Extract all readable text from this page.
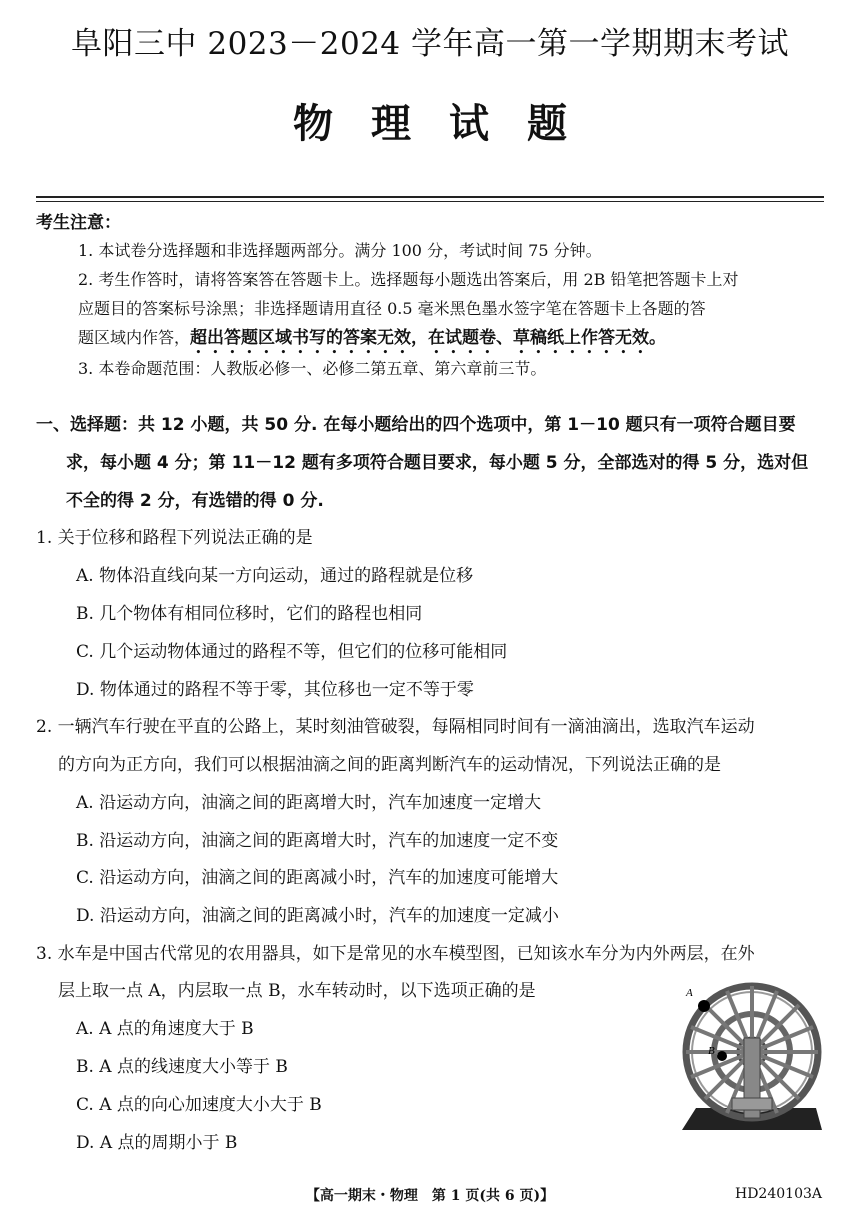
阜阳三中 2023－2024 学年高一第一学期期末考试
物理试题
考生注意：
1. 本试卷分选择题和非选择题两部分。满分 100 分，考试时间 75 分钟。
2. 考生作答时，请将答案答在答题卡上。选择题每小题选出答案后，用 2B 铅笔把答题卡上对
应题目的答案标号涂黑；非选择题请用直径 0.5 毫米黑色墨水签字笔在答题卡上各题的答
题区域内作答，超出答题区域书写的答案无效，在试题卷、草稿纸上作答无效。
3. 本卷命题范围：人教版必修一、必修二第五章、第六章前三节。
一、选择题：共 12 小题，共 50 分. 在每小题给出的四个选项中，第 1－10 题只有一项符合题目要
求，每小题 4 分；第 11－12 题有多项符合题目要求，每小题 5 分，全部选对的得 5 分，选对但
不全的得 2 分，有选错的得 0 分.
1. 关于位移和路程下列说法正确的是
A. 物体沿直线向某一方向运动，通过的路程就是位移
B. 几个物体有相同位移时，它们的路程也相同
C. 几个运动物体通过的路程不等，但它们的位移可能相同
D. 物体通过的路程不等于零，其位移也一定不等于零
2. 一辆汽车行驶在平直的公路上，某时刻油管破裂，每隔相同时间有一滴油滴出，选取汽车运动
的方向为正方向，我们可以根据油滴之间的距离判断汽车的运动情况，下列说法正确的是
A. 沿运动方向，油滴之间的距离增大时，汽车加速度一定增大
B. 沿运动方向，油滴之间的距离增大时，汽车的加速度一定不变
C. 沿运动方向，油滴之间的距离减小时，汽车的加速度可能增大
D. 沿运动方向，油滴之间的距离减小时，汽车的加速度一定减小
3. 水车是中国古代常见的农用器具，如下是常见的水车模型图，已知该水车分为内外两层，在外
层上取一点 A，内层取一点 B，水车转动时，以下选项正确的是
A. A 点的角速度大于 B
B. A 点的线速度大小等于 B
C. A 点的向心加速度大小大于 B
D. A 点的周期小于 B
A
B
【高一期末・物理　第 1 页(共 6 页)】	HD240103A
